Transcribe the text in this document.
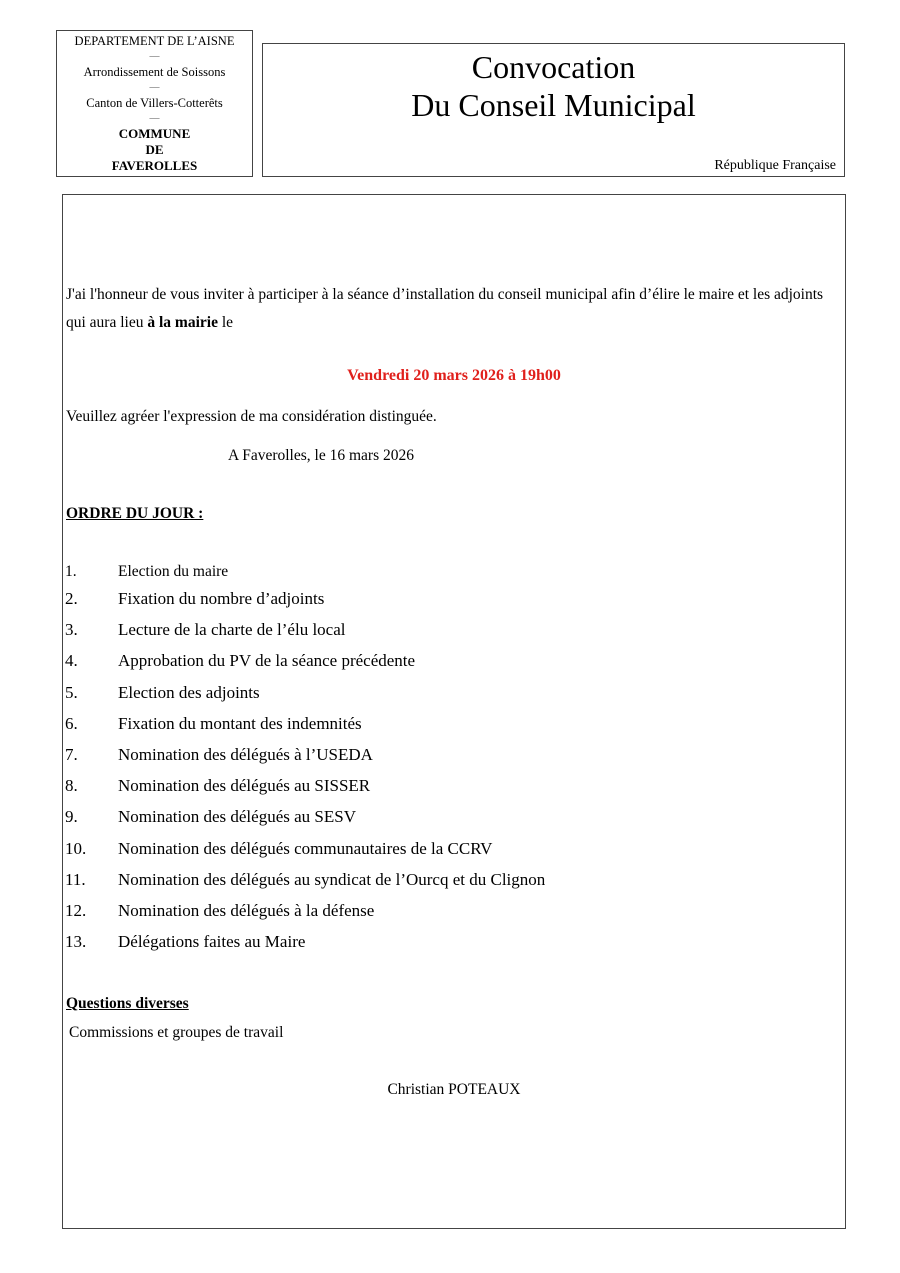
DEPARTEMENT DE L’AISNE
—
Arrondissement de Soissons
—
Canton de Villers-Cotterêts
—
COMMUNE
DE
FAVEROLLES
Convocation
Du Conseil Municipal
République Française
J'ai l'honneur de vous inviter à participer à la séance d’installation du conseil municipal afin d’élire le maire et les adjoints qui aura lieu à la mairie le
Vendredi 20 mars 2026 à 19h00
Veuillez agréer l'expression de ma considération distinguée.
A Faverolles, le 16 mars 2026
ORDRE DU JOUR :
1.	Election du maire
2.	Fixation du nombre d’adjoints
3.	Lecture de la charte de l’élu local
4.	Approbation du PV de la séance précédente
5.	Election des adjoints
6.	Fixation du montant des indemnités
7.	Nomination des délégués à l’USEDA
8.	Nomination des délégués au SISSER
9.	Nomination des délégués au SESV
10.	Nomination des délégués communautaires de la CCRV
11.	Nomination des délégués au syndicat de l’Ourcq et du Clignon
12.	Nomination des délégués à la défense
13.	Délégations faites au Maire
Questions diverses
Commissions et groupes de travail
Christian POTEAUX
